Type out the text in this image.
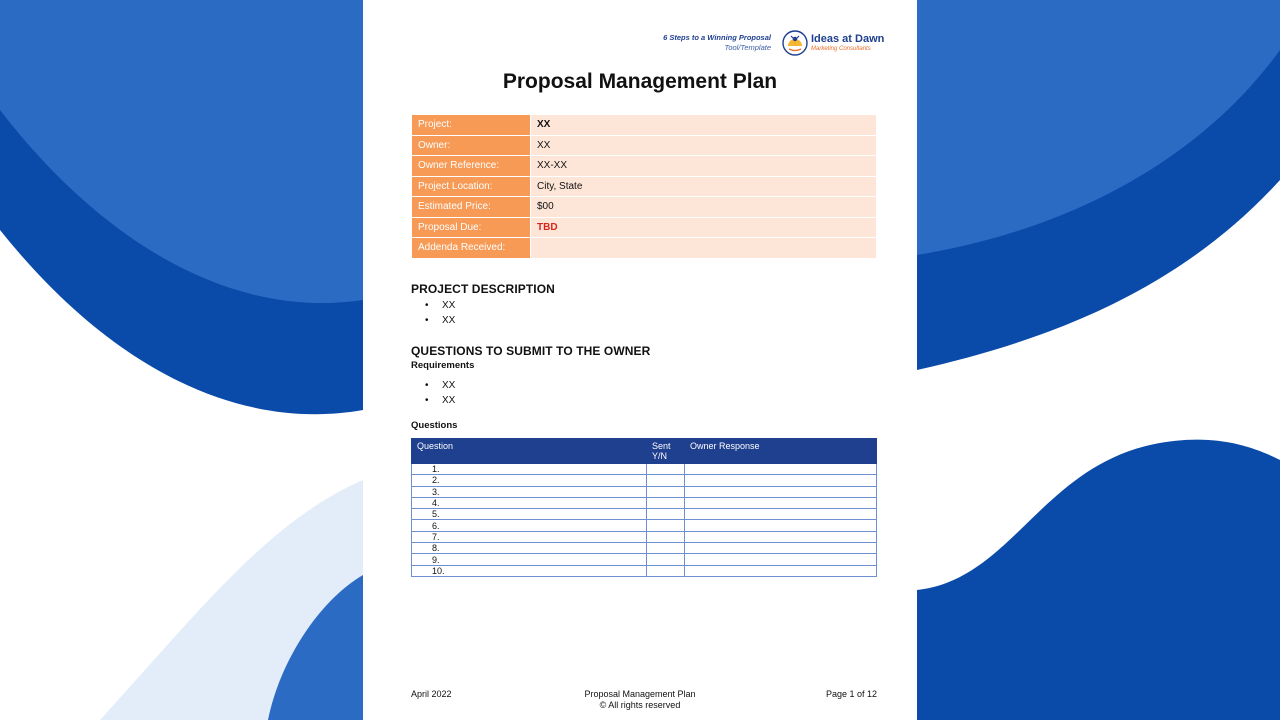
6 Steps to a Winning Proposal
Tool/Template
Ideas at Dawn
Marketing Consultants
Proposal Management Plan
Project:	XX
Owner:	XX
Owner Reference:	XX-XX
Project Location:	City, State
Estimated Price:	$00
Proposal Due:	TBD
Addenda Received:	
PROJECT DESCRIPTION
• XX
• XX
QUESTIONS TO SUBMIT TO THE OWNER
Requirements
• XX
• XX
Questions
Question	Sent Y/N	Owner Response
1.		
2.		
3.		
4.		
5.		
6.		
7.		
8.		
9.		
10.		
April 2022	Proposal Management Plan
© All rights reserved
Page 1 of 12
